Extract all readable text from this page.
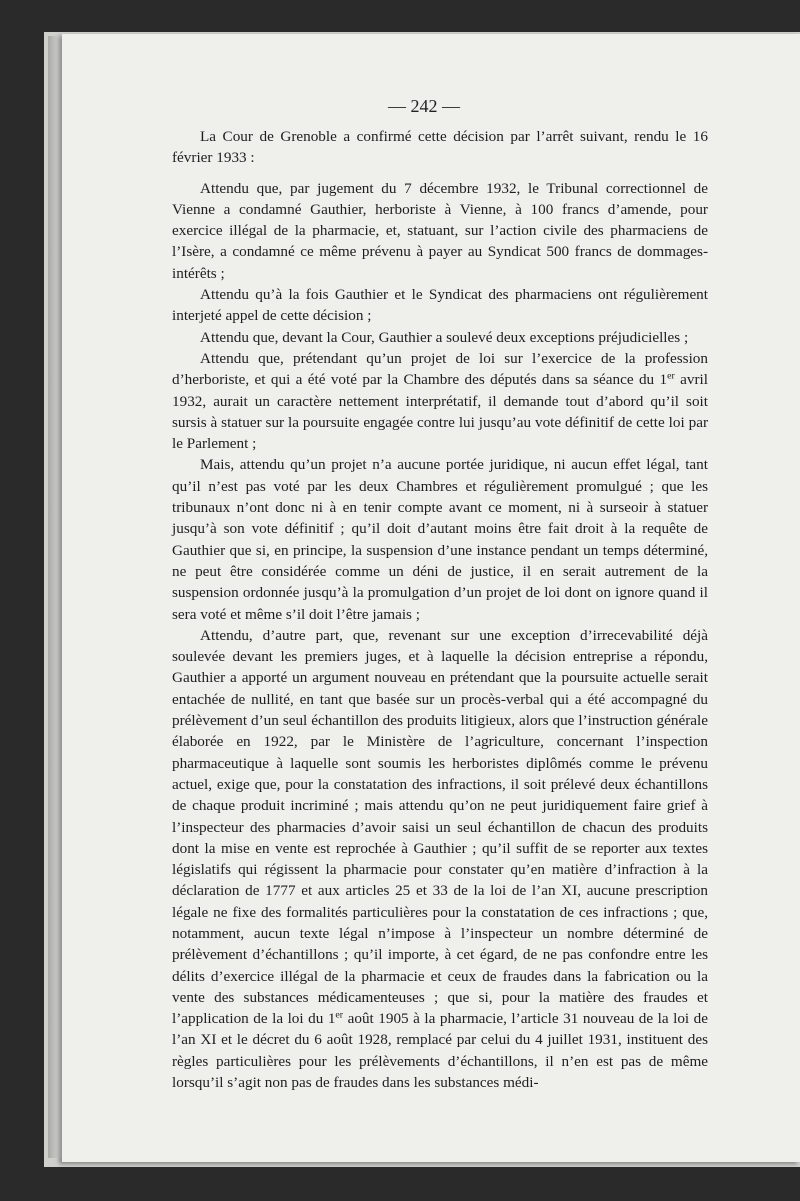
— 242 —

La Cour de Grenoble a confirmé cette décision par l’arrêt suivant, rendu le 16 février 1933 :

Attendu que, par jugement du 7 décembre 1932, le Tribunal correctionnel de Vienne a condamné Gauthier, herboriste à Vienne, à 100 francs d’amende, pour exercice illégal de la pharmacie, et, statuant, sur l’action civile des pharmaciens de l’Isère, a condamné ce même prévenu à payer au Syndicat 500 francs de dommages-intérêts ;

Attendu qu’à la fois Gauthier et le Syndicat des pharmaciens ont régulièrement interjeté appel de cette décision ;

Attendu que, devant la Cour, Gauthier a soulevé deux exceptions préjudicielles ;

Attendu que, prétendant qu’un projet de loi sur l’exercice de la profession d’herboriste, et qui a été voté par la Chambre des députés dans sa séance du 1er avril 1932, aurait un caractère nettement interprétatif, il demande tout d’abord qu’il soit sursis à statuer sur la poursuite engagée contre lui jusqu’au vote définitif de cette loi par le Parlement ;

Mais, attendu qu’un projet n’a aucune portée juridique, ni aucun effet légal, tant qu’il n’est pas voté par les deux Chambres et régulièrement promulgué ; que les tribunaux n’ont donc ni à en tenir compte avant ce moment, ni à surseoir à statuer jusqu’à son vote définitif ; qu’il doit d’autant moins être fait droit à la requête de Gauthier que si, en principe, la suspension d’une instance pendant un temps déterminé, ne peut être considérée comme un déni de justice, il en serait autrement de la suspension ordonnée jusqu’à la promulgation d’un projet de loi dont on ignore quand il sera voté et même s’il doit l’être jamais ;

Attendu, d’autre part, que, revenant sur une exception d’irrecevabilité déjà soulevée devant les premiers juges, et à laquelle la décision entreprise a répondu, Gauthier a apporté un argument nouveau en prétendant que la poursuite actuelle serait entachée de nullité, en tant que basée sur un procès-verbal qui a été accompagné du prélèvement d’un seul échantillon des produits litigieux, alors que l’instruction générale élaborée en 1922, par le Ministère de l’agriculture, concernant l’inspection pharmaceutique à laquelle sont soumis les herboristes diplômés comme le prévenu actuel, exige que, pour la constatation des infractions, il soit prélevé deux échantillons de chaque produit incriminé ; mais attendu qu’on ne peut juridiquement faire grief à l’inspecteur des pharmacies d’avoir saisi un seul échantillon de chacun des produits dont la mise en vente est reprochée à Gauthier ; qu’il suffit de se reporter aux textes législatifs qui régissent la pharmacie pour constater qu’en matière d’infraction à la déclaration de 1777 et aux articles 25 et 33 de la loi de l’an XI, aucune prescription légale ne fixe des formalités particulières pour la constatation de ces infractions ; que, notamment, aucun texte légal n’impose à l’inspecteur un nombre déterminé de prélèvement d’échantillons ; qu’il importe, à cet égard, de ne pas confondre entre les délits d’exercice illégal de la pharmacie et ceux de fraudes dans la fabrication ou la vente des substances médicamenteuses ; que si, pour la matière des fraudes et l’application de la loi du 1er août 1905 à la pharmacie, l’article 31 nouveau de la loi de l’an XI et le décret du 6 août 1928, remplacé par celui du 4 juillet 1931, instituent des règles particulières pour les prélèvements d’échantillons, il n’en est pas de même lorsqu’il s’agit non pas de fraudes dans les substances médi-
